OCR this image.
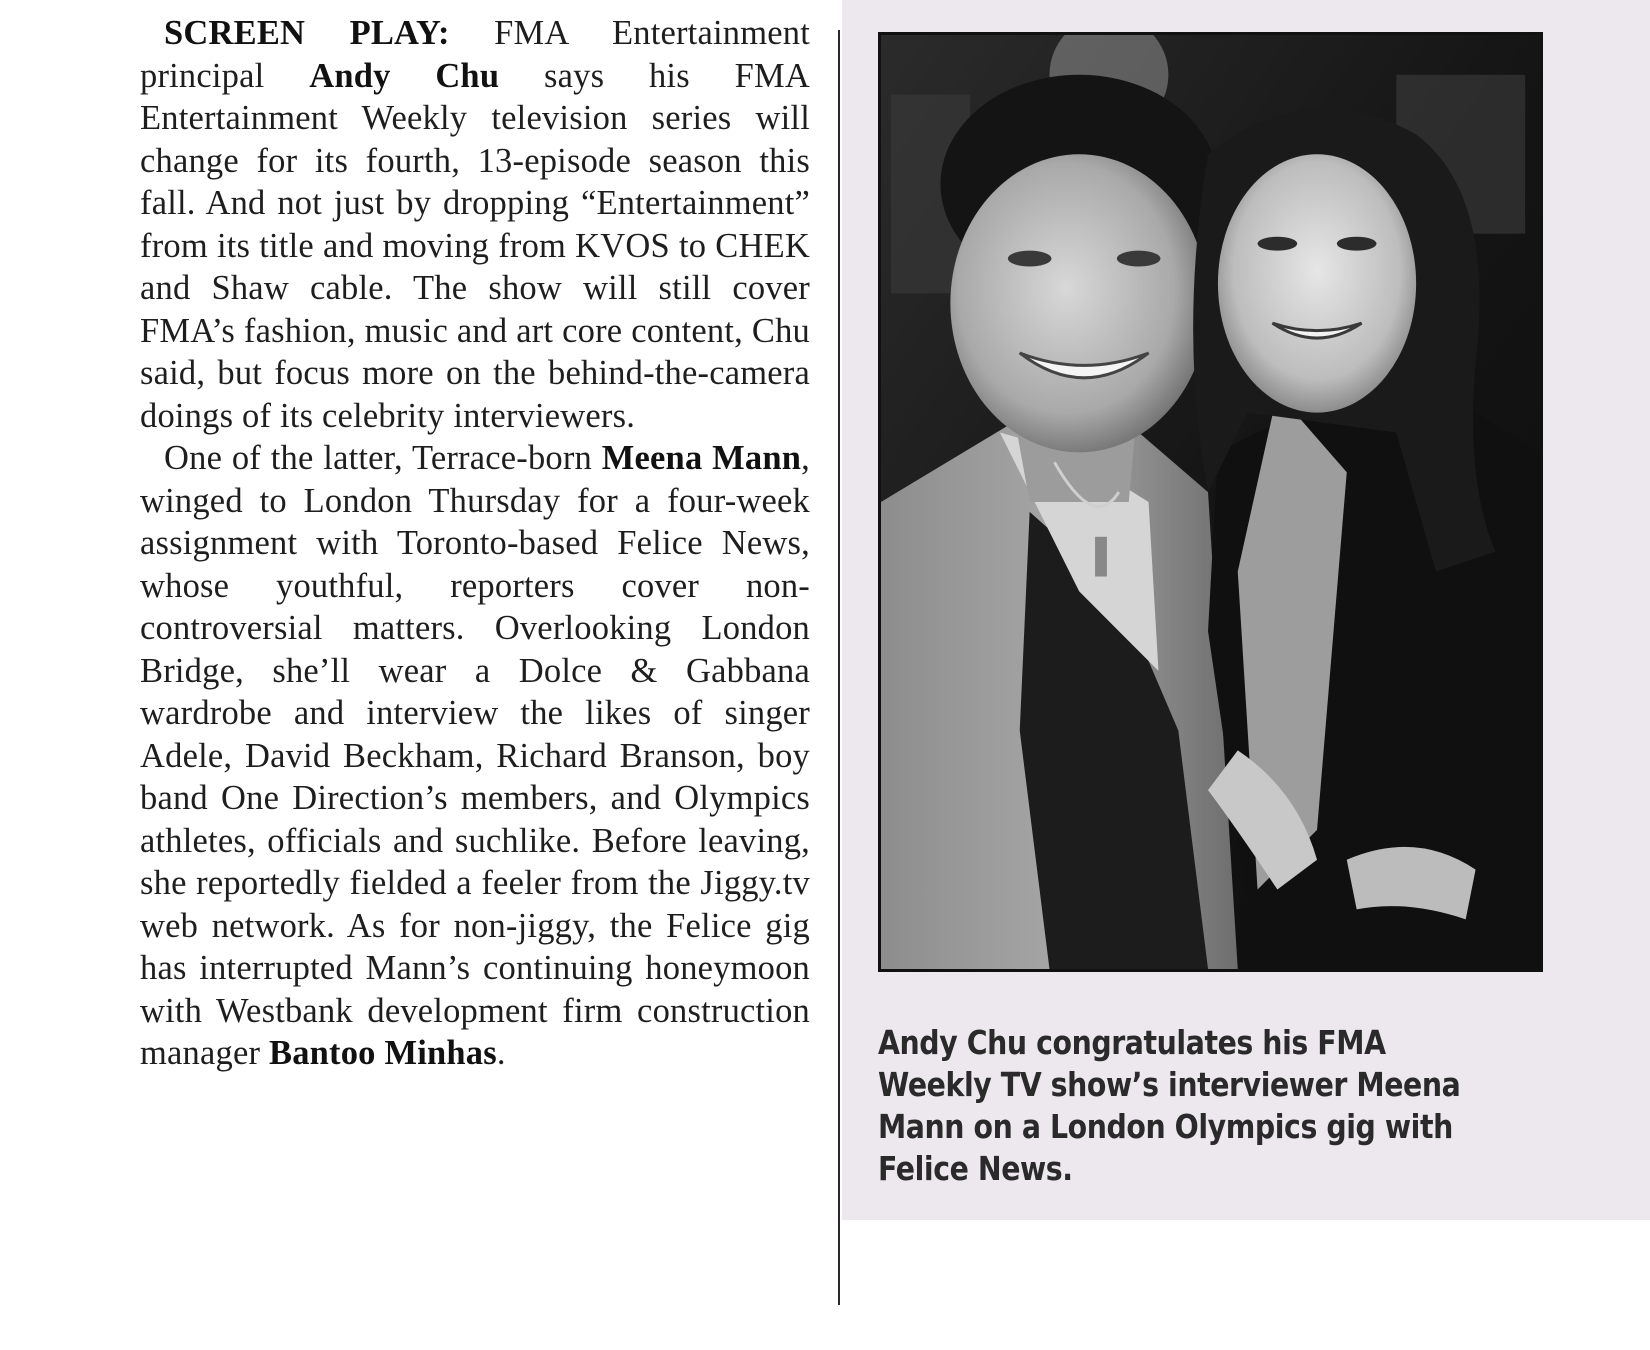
SCREEN PLAY: FMA Entertainment principal Andy Chu says his FMA Entertainment Weekly television series will change for its fourth, 13-episode season this fall. And not just by dropping “Entertainment” from its title and moving from KVOS to CHEK and Shaw cable. The show will still cover FMA’s fashion, music and art core content, Chu said, but focus more on the behind-the-camera doings of its celebrity interviewers.

One of the latter, Terrace-born Meena Mann, winged to London Thursday for a four-week assignment with Toronto-based Felice News, whose youthful, reporters cover non-controversial matters. Overlooking London Bridge, she’ll wear a Dolce & Gabbana wardrobe and interview the likes of singer Adele, David Beckham, Richard Branson, boy band One Direction’s members, and Olympics athletes, officials and suchlike. Before leaving, she reportedly fielded a feeler from the Jiggy.tv web network. As for non-jiggy, the Felice gig has interrupted Mann’s continuing honeymoon with Westbank development firm construction manager Bantoo Minhas.	Andy Chu congratulates his FMA Weekly TV show’s interviewer Meena Mann on a London Olympics gig with Felice News.
